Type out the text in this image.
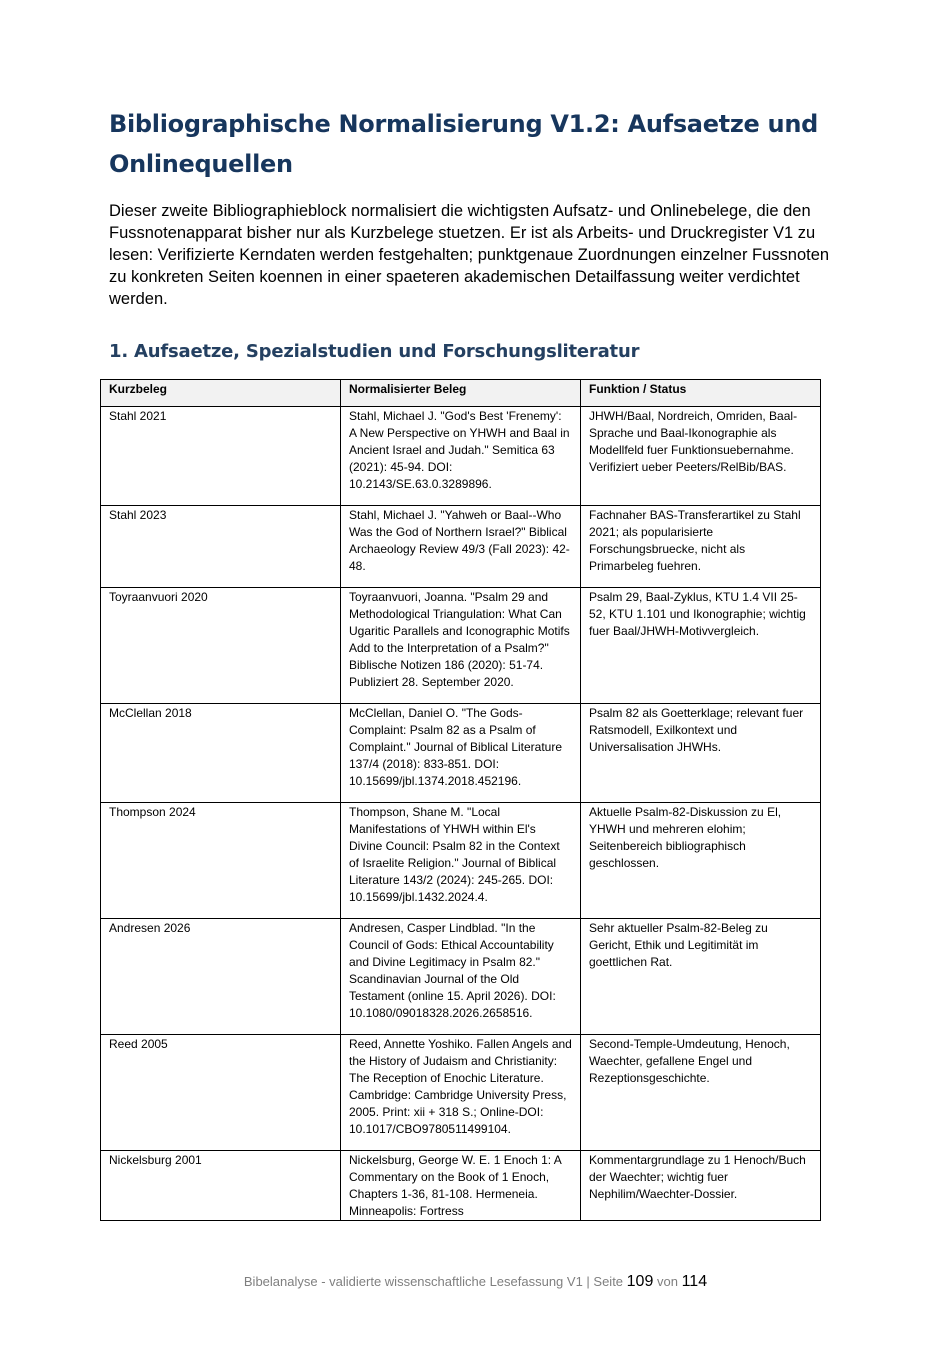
Bibliographische Normalisierung V1.2: Aufsaetze und Onlinequellen

Dieser zweite Bibliographieblock normalisiert die wichtigsten Aufsatz- und Onlinebelege, die den Fussnotenapparat bisher nur als Kurzbelege stuetzen. Er ist als Arbeits- und Druckregister V1 zu lesen: Verifizierte Kerndaten werden festgehalten; punktgenaue Zuordnungen einzelner Fussnoten zu konkreten Seiten koennen in einer spaeteren akademischen Detailfassung weiter verdichtet werden.

1. Aufsaetze, Spezialstudien und Forschungsliteratur
Kurzbeleg	Normalisierter Beleg	Funktion / Status
Stahl 2021	Stahl, Michael J. "God's Best 'Frenemy': A New Perspective on YHWH and Baal in Ancient Israel and Judah." Semitica 63 (2021): 45-94. DOI: 10.2143/SE.63.0.3289896.	JHWH/Baal, Nordreich, Omriden, Baal-Sprache und Baal-Ikonographie als Modellfeld fuer Funktionsuebernahme. Verifiziert ueber Peeters/RelBib/BAS.
Stahl 2023	Stahl, Michael J. "Yahweh or Baal--Who Was the God of Northern Israel?" Biblical Archaeology Review 49/3 (Fall 2023): 42-48.	Fachnaher BAS-Transferartikel zu Stahl 2021; als popularisierte Forschungsbruecke, nicht als Primarbeleg fuehren.
Toyraanvuori 2020	Toyraanvuori, Joanna. "Psalm 29 and Methodological Triangulation: What Can Ugaritic Parallels and Iconographic Motifs Add to the Interpretation of a Psalm?" Biblische Notizen 186 (2020): 51-74. Publiziert 28. September 2020.	Psalm 29, Baal-Zyklus, KTU 1.4 VII 25-52, KTU 1.101 und Ikonographie; wichtig fuer Baal/JHWH-Motivvergleich.
McClellan 2018	McClellan, Daniel O. "The Gods-Complaint: Psalm 82 as a Psalm of Complaint." Journal of Biblical Literature 137/4 (2018): 833-851. DOI: 10.15699/jbl.1374.2018.452196.	Psalm 82 als Goetterklage; relevant fuer Ratsmodell, Exilkontext und Universalisation JHWHs.
Thompson 2024	Thompson, Shane M. "Local Manifestations of YHWH within El's Divine Council: Psalm 82 in the Context of Israelite Religion." Journal of Biblical Literature 143/2 (2024): 245-265. DOI: 10.15699/jbl.1432.2024.4.	Aktuelle Psalm-82-Diskussion zu El, YHWH und mehreren elohim; Seitenbereich bibliographisch geschlossen.
Andresen 2026	Andresen, Casper Lindblad. "In the Council of Gods: Ethical Accountability and Divine Legitimacy in Psalm 82." Scandinavian Journal of the Old Testament (online 15. April 2026). DOI: 10.1080/09018328.2026.2658516.	Sehr aktueller Psalm-82-Beleg zu Gericht, Ethik und Legitimität im goettlichen Rat.
Reed 2005	Reed, Annette Yoshiko. Fallen Angels and the History of Judaism and Christianity: The Reception of Enochic Literature. Cambridge: Cambridge University Press, 2005. Print: xii + 318 S.; Online-DOI: 10.1017/CBO9780511499104.	Second-Temple-Umdeutung, Henoch, Waechter, gefallene Engel und Rezeptionsgeschichte.
Nickelsburg 2001	Nickelsburg, George W. E. 1 Enoch 1: A Commentary on the Book of 1 Enoch, Chapters 1-36, 81-108. Hermeneia. Minneapolis: Fortress	Kommentargrundlage zu 1 Henoch/Buch der Waechter; wichtig fuer Nephilim/Waechter-Dossier.
Bibelanalyse - validierte wissenschaftliche Lesefassung V1 | Seite 109 von 114
